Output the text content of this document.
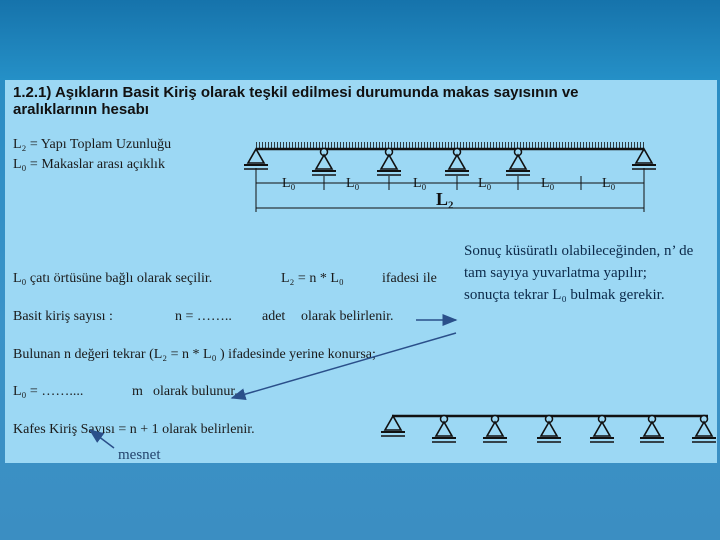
1.2.1) Aşıkların Basit Kiriş olarak teşkil edilmesi durumunda makas sayısının ve aralıklarının hesabı
L₂ = Yapı Toplam Uzunluğu
L₀ = Makaslar arası açıklık
L₀ çatı örtüsüne bağlı olarak seçilir.	L₂ = n * L₀	ifadesi ile
Basit kiriş sayısı :	n = …….. adet olarak belirlenir.
Bulunan n değeri tekrar (L₂ = n * L₀ ) ifadesinde yerine konursa;
L₀ = ……....	m olarak bulunur.
Kafes Kiriş Sayısı = n + 1 olarak belirlenir.
Sonuç küsüratlı olabileceğinden, n’ de tam sayıya yuvarlatma yapılır; sonuçta tekrar L₀ bulmak gerekir.
mesnet
L₀	L₀	L₀	L₀	L₀	L₀
L₂
